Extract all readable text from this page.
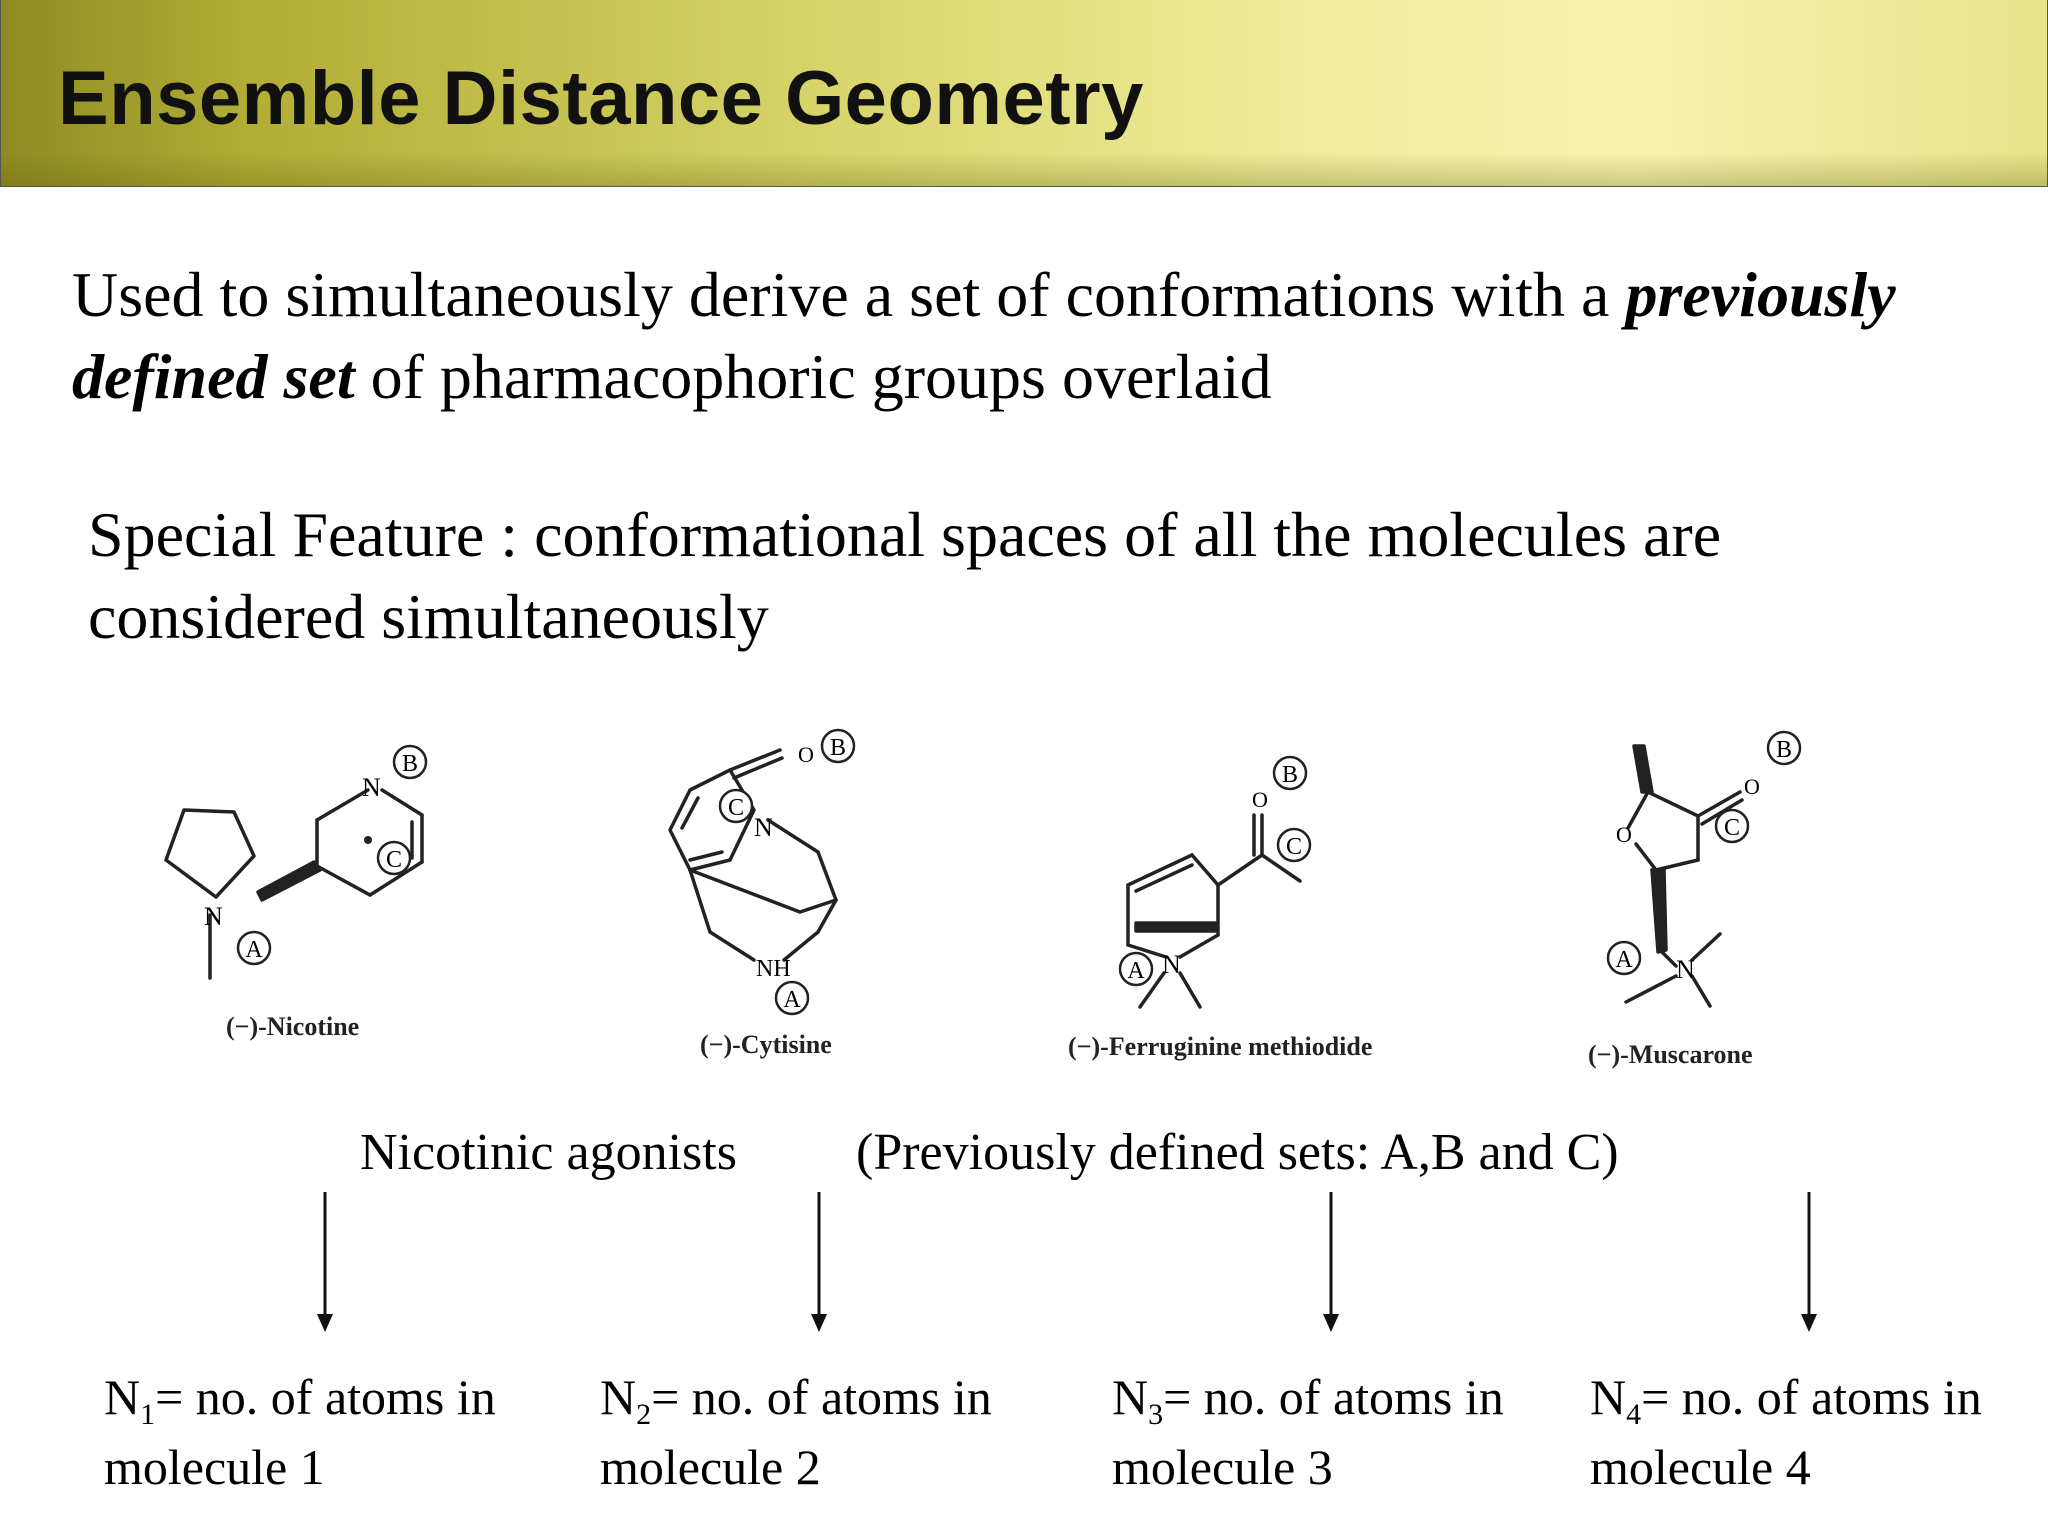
Ensemble Distance Geometry

Used to simultaneously derive a set of conformations with a previously defined set of pharmacophoric groups overlaid

Special Feature : conformational spaces of all the molecules are considered simultaneously

N
N
A
B
C
(−)-Nicotine
N
NH
O B
C
A
(−)-Cytisine
N
O
B
C
A
(−)-Ferruginine methiodide
O
O
N
B
C
A
(−)-Muscarone
Nicotinic agonists (Previously defined sets: A,B and C)
$N_1=$ no. of atoms in
molecule 1
$N_2=$ no. of atoms in
molecule 2
$N_3=$ no. of atoms in
molecule 3
$N_4=$ no. of atoms in
molecule 4
